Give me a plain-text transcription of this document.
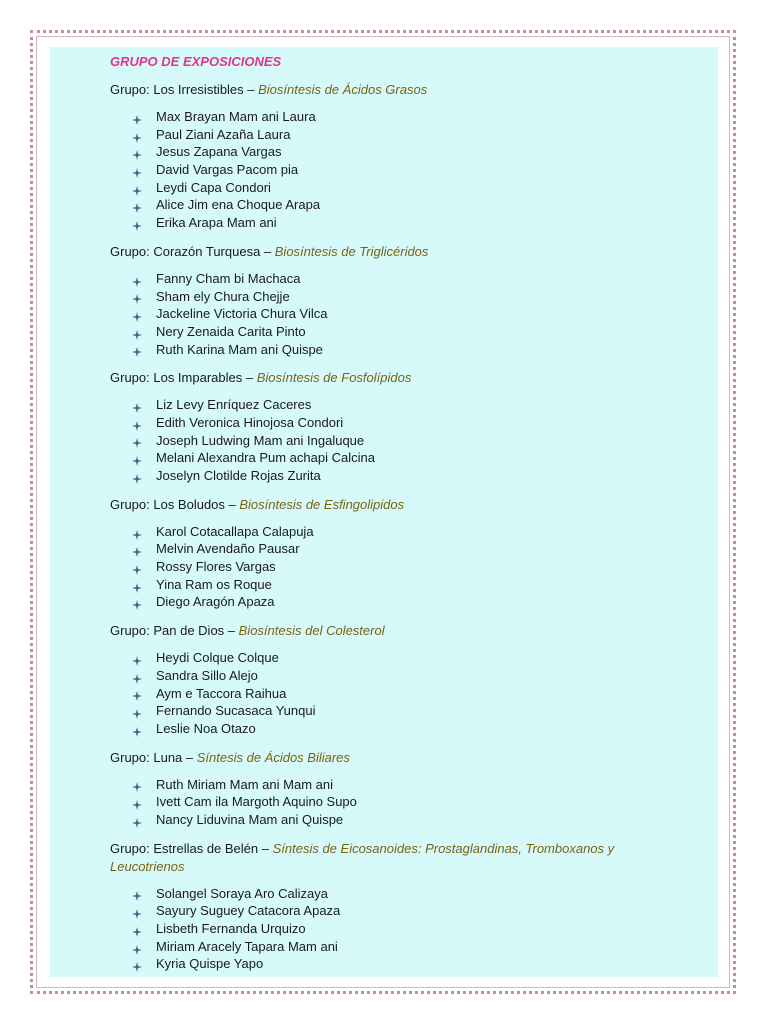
GRUPO DE EXPOSICIONES

Grupo: Los Irresistibles – Biosíntesis de Ácidos Grasos

Max Brayan Mam ani Laura
Paul Ziani Azaña Laura
Jesus Zapana Vargas
David Vargas Pacom pia
Leydi Capa Condori
Alice Jim ena Choque Arapa
Erika Arapa Mam ani

Grupo: Corazón Turquesa – Biosíntesis de Triglicéridos

Fanny Cham bi Machaca
Sham ely Chura Chejje
Jackeline Victoria Chura Vilca
Nery Zenaida Carita Pinto
Ruth Karina Mam ani Quispe

Grupo: Los Imparables – Biosíntesis de Fosfolípidos

Liz Levy Enríquez Caceres
Edith Veronica Hinojosa Condori
Joseph Ludwing Mam ani Ingaluque
Melani Alexandra Pum achapi Calcina
Joselyn Clotilde Rojas Zurita

Grupo: Los Boludos – Biosíntesis de Esfingolipidos

Karol Cotacallapa Calapuja
Melvin Avendaño Pausar
Rossy Flores Vargas
Yina Ram os Roque
Diego Aragón Apaza

Grupo: Pan de Dios – Biosíntesis del Colesterol

Heydi Colque Colque
Sandra Sillo Alejo
Aym e Taccora Raihua
Fernando Sucasaca Yunqui
Leslie Noa Otazo

Grupo: Luna – Síntesis de Ácidos Biliares

Ruth Miriam Mam ani Mam ani
Ivett Cam ila Margoth Aquino Supo
Nancy Liduvina Mam ani Quispe

Grupo: Estrellas de Belén – Síntesis de Eicosanoides: Prostaglandinas, Tromboxanos y Leucotrienos

Solangel Soraya Aro Calizaya
Sayury Suguey Catacora Apaza
Lisbeth Fernanda Urquizo
Miriam Aracely Tapara Mam ani
Kyria Quispe Yapo
